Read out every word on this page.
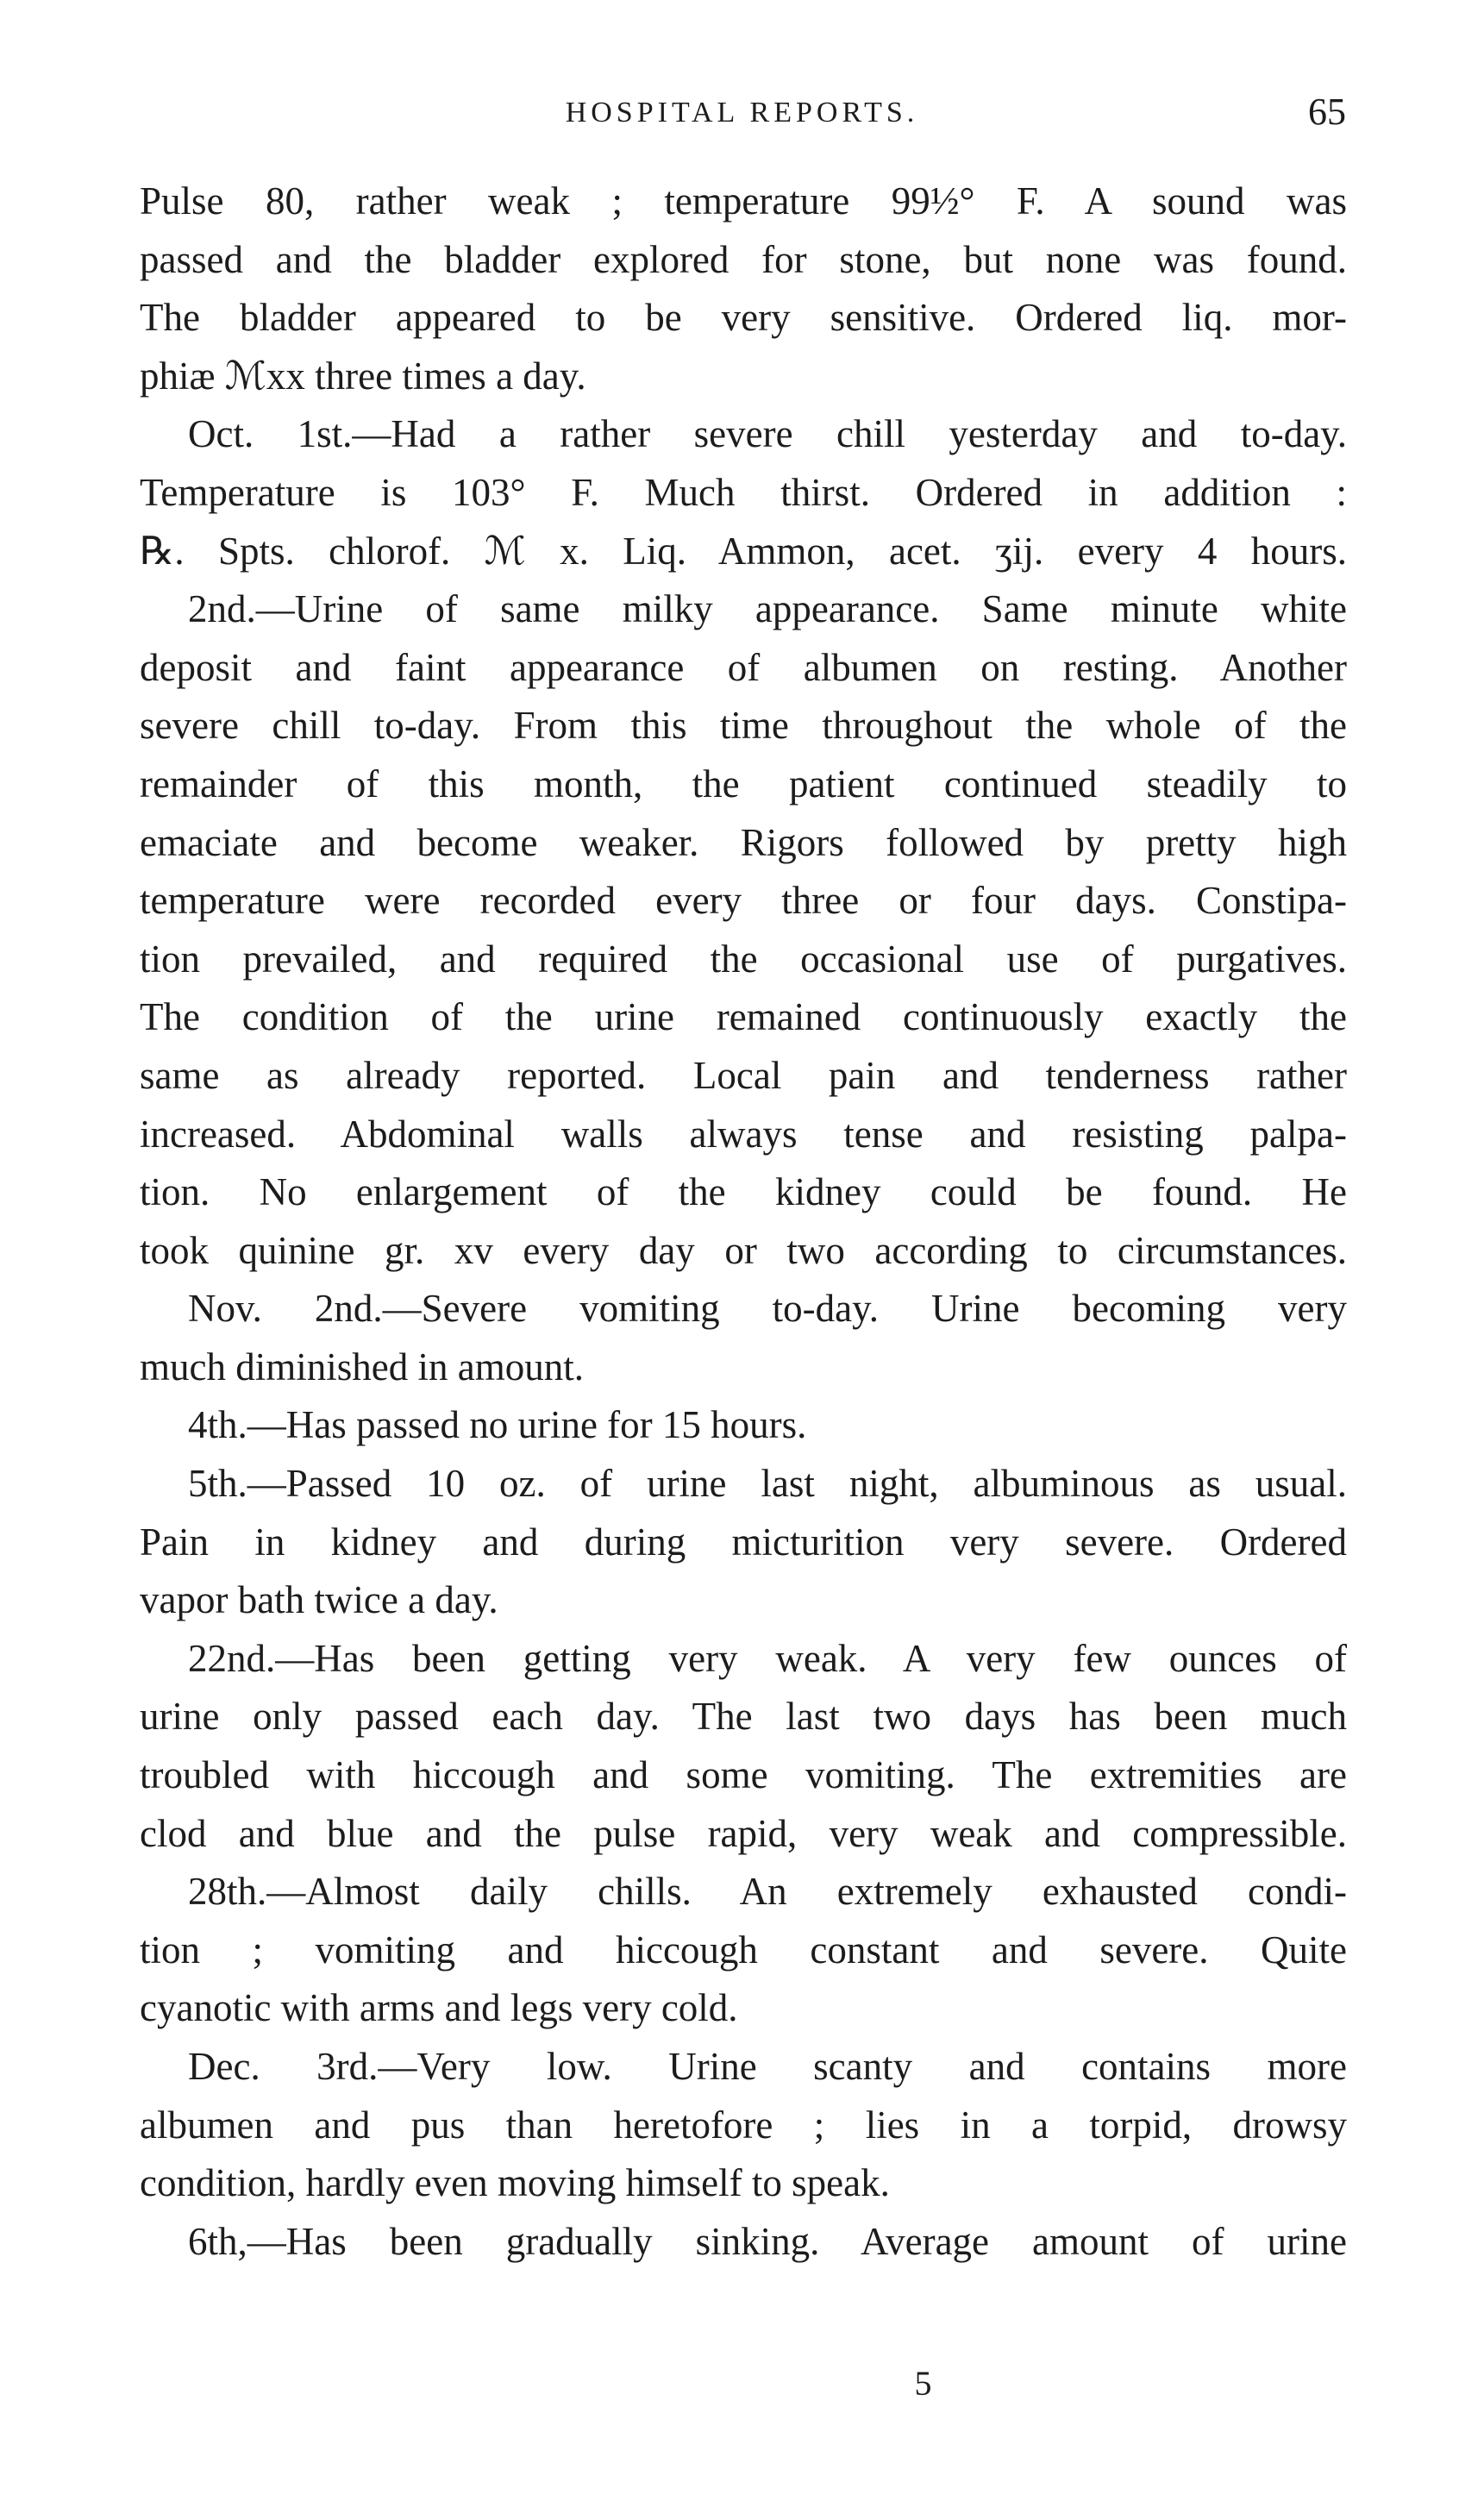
HOSPITAL REPORTS.	65
Pulse 80, rather weak ; temperature 99½° F. A sound was
passed and the bladder explored for stone, but none was found.
The bladder appeared to be very sensitive. Ordered liq. mor-
phiæ ℳxx three times a day.
Oct. 1st.—Had a rather severe chill yesterday and to-day.
Temperature is 103° F. Much thirst. Ordered in addition :
℞. Spts. chlorof. ℳ x. Liq. Ammon, acet. ʒij. every 4 hours.
2nd.—Urine of same milky appearance. Same minute white
deposit and faint appearance of albumen on resting. Another
severe chill to-day. From this time throughout the whole of the
remainder of this month, the patient continued steadily to
emaciate and become weaker. Rigors followed by pretty high
temperature were recorded every three or four days. Constipa-
tion prevailed, and required the occasional use of purgatives.
The condition of the urine remained continuously exactly the
same as already reported. Local pain and tenderness rather
increased. Abdominal walls always tense and resisting palpa-
tion. No enlargement of the kidney could be found. He
took quinine gr. xv every day or two according to circumstances.
Nov. 2nd.—Severe vomiting to-day. Urine becoming very
much diminished in amount.
4th.—Has passed no urine for 15 hours.
5th.—Passed 10 oz. of urine last night, albuminous as usual.
Pain in kidney and during micturition very severe. Ordered
vapor bath twice a day.
22nd.—Has been getting very weak. A very few ounces of
urine only passed each day. The last two days has been much
troubled with hiccough and some vomiting. The extremities are
clod and blue and the pulse rapid, very weak and compressible.
28th.—Almost daily chills. An extremely exhausted condi-
tion ; vomiting and hiccough constant and severe. Quite
cyanotic with arms and legs very cold.
Dec. 3rd.—Very low. Urine scanty and contains more
albumen and pus than heretofore ; lies in a torpid, drowsy
condition, hardly even moving himself to speak.
6th,—Has been gradually sinking. Average amount of urine
5
